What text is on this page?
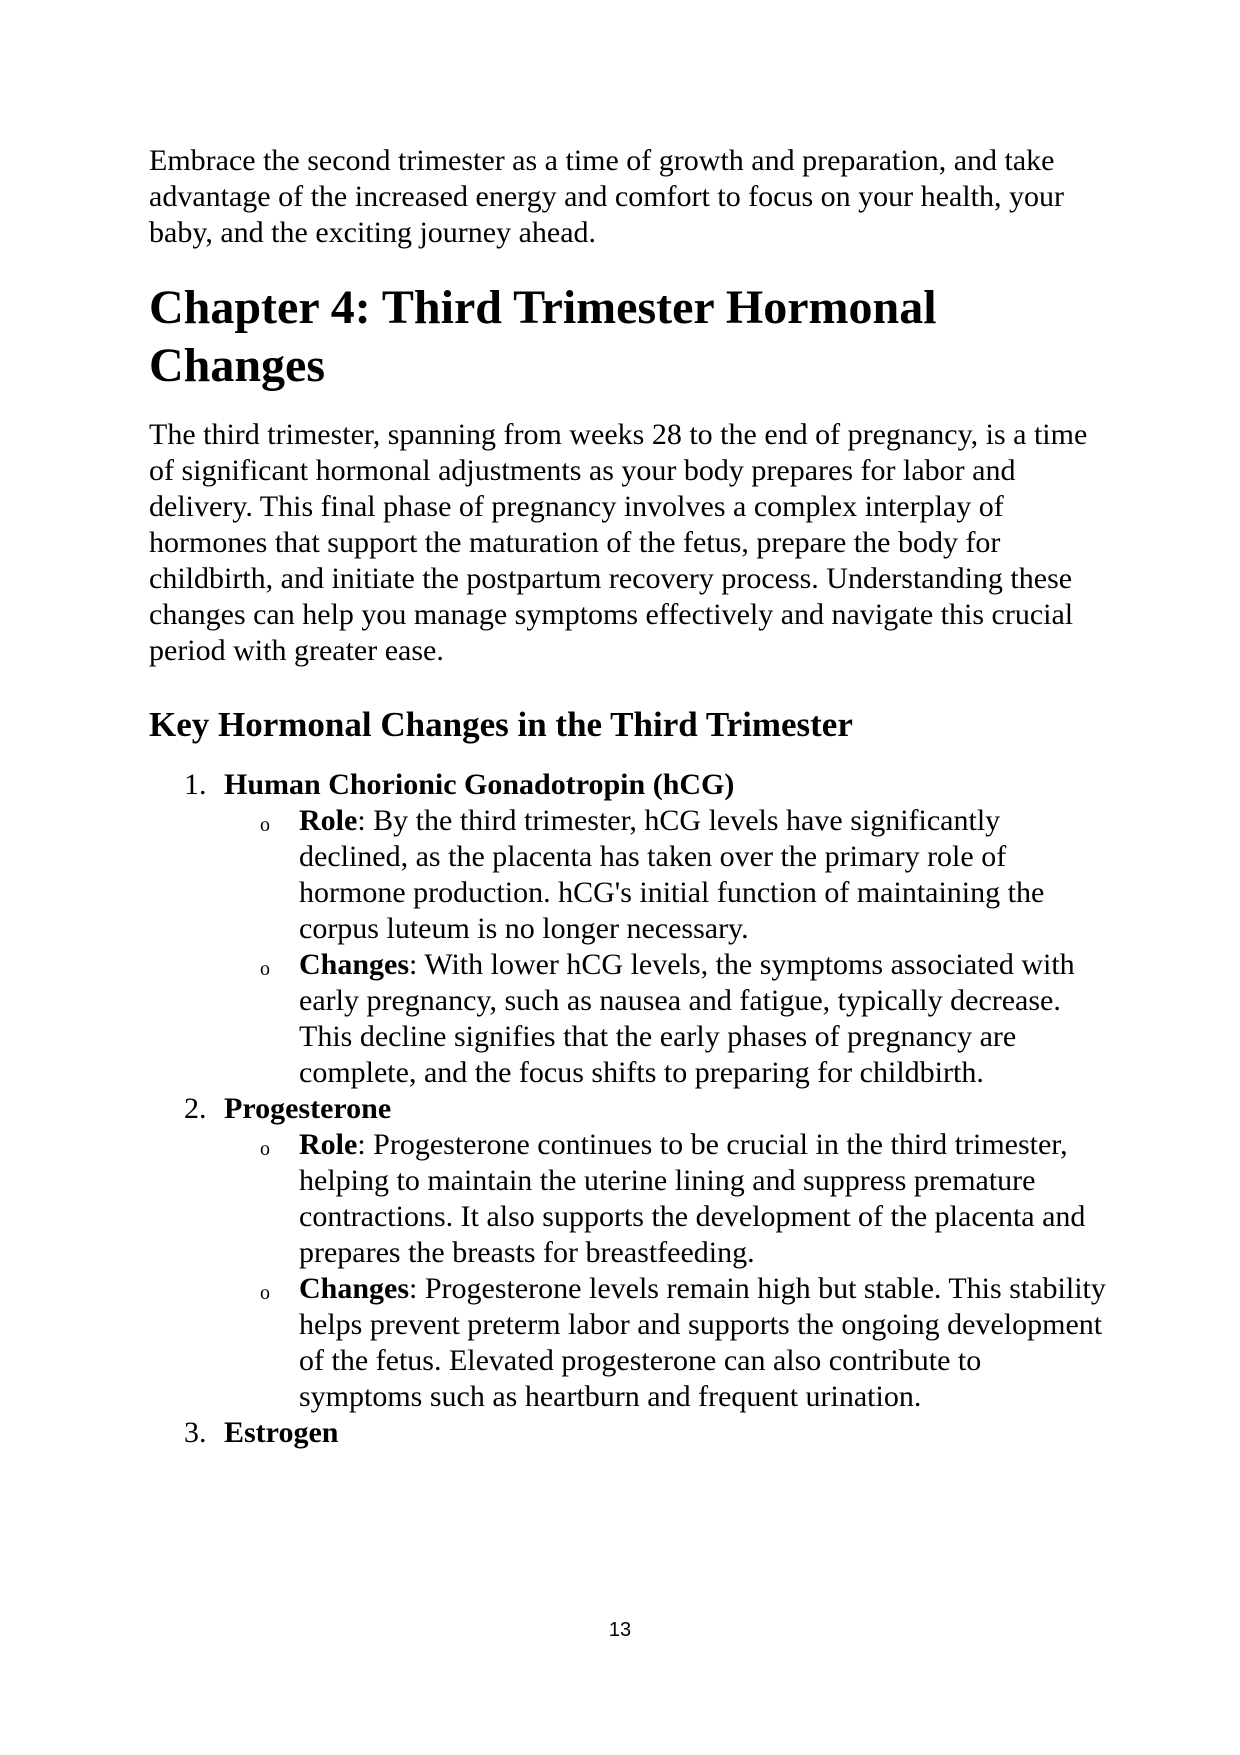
Embrace the second trimester as a time of growth and preparation, and take advantage of the increased energy and comfort to focus on your health, your baby, and the exciting journey ahead.

Chapter 4: Third Trimester Hormonal Changes

The third trimester, spanning from weeks 28 to the end of pregnancy, is a time of significant hormonal adjustments as your body prepares for labor and delivery. This final phase of pregnancy involves a complex interplay of hormones that support the maturation of the fetus, prepare the body for childbirth, and initiate the postpartum recovery process. Understanding these changes can help you manage symptoms effectively and navigate this crucial period with greater ease.

Key Hormonal Changes in the Third Trimester
1. Human Chorionic Gonadotropin (hCG)
o Role: By the third trimester, hCG levels have significantly declined, as the placenta has taken over the primary role of hormone production. hCG's initial function of maintaining the corpus luteum is no longer necessary.
o Changes: With lower hCG levels, the symptoms associated with early pregnancy, such as nausea and fatigue, typically decrease. This decline signifies that the early phases of pregnancy are complete, and the focus shifts to preparing for childbirth.
2. Progesterone
o Role: Progesterone continues to be crucial in the third trimester, helping to maintain the uterine lining and suppress premature contractions. It also supports the development of the placenta and prepares the breasts for breastfeeding.
o Changes: Progesterone levels remain high but stable. This stability helps prevent preterm labor and supports the ongoing development of the fetus. Elevated progesterone can also contribute to symptoms such as heartburn and frequent urination.
3. Estrogen
13
